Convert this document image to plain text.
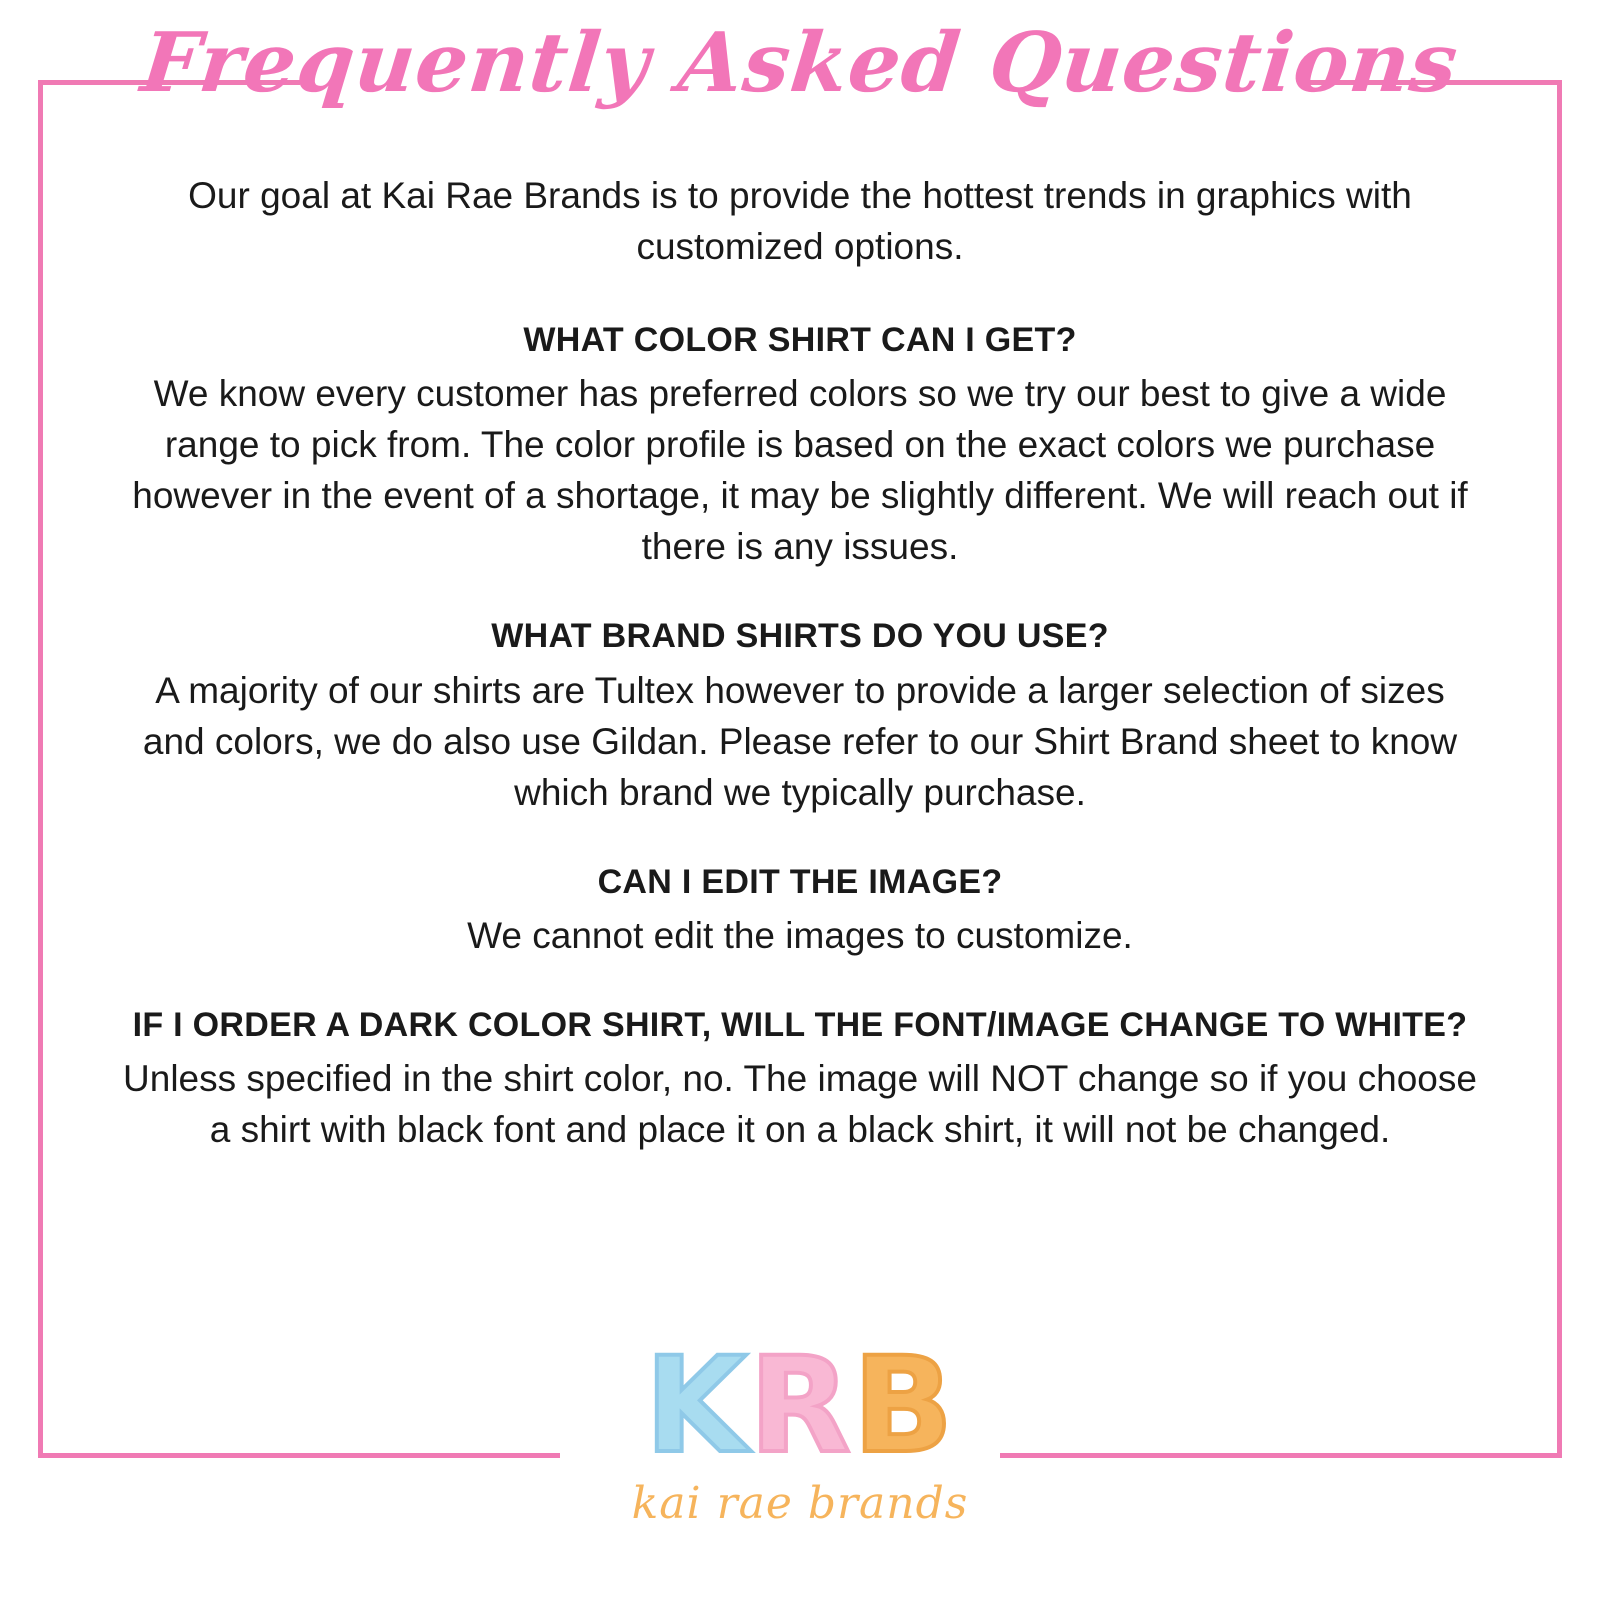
Frequently Asked Questions

Our goal at Kai Rae Brands is to provide the hottest trends in graphics with customized options.

WHAT COLOR SHIRT CAN I GET?

We know every customer has preferred colors so we try our best to give a wide range to pick from. The color profile is based on the exact colors we purchase however in the event of a shortage, it may be slightly different. We will reach out if there is any issues.

WHAT BRAND SHIRTS DO YOU USE?

A majority of our shirts are Tultex however to provide a larger selection of sizes and colors, we do also use Gildan. Please refer to our Shirt Brand sheet to know which brand we typically purchase.

CAN I EDIT THE IMAGE?

We cannot edit the images to customize.

IF I ORDER A DARK COLOR SHIRT, WILL THE FONT/IMAGE CHANGE TO WHITE?

Unless specified in the shirt color, no. The image will NOT change so if you choose a shirt with black font and place it on a black shirt, it will not be changed.

KRB
kai rae brands
